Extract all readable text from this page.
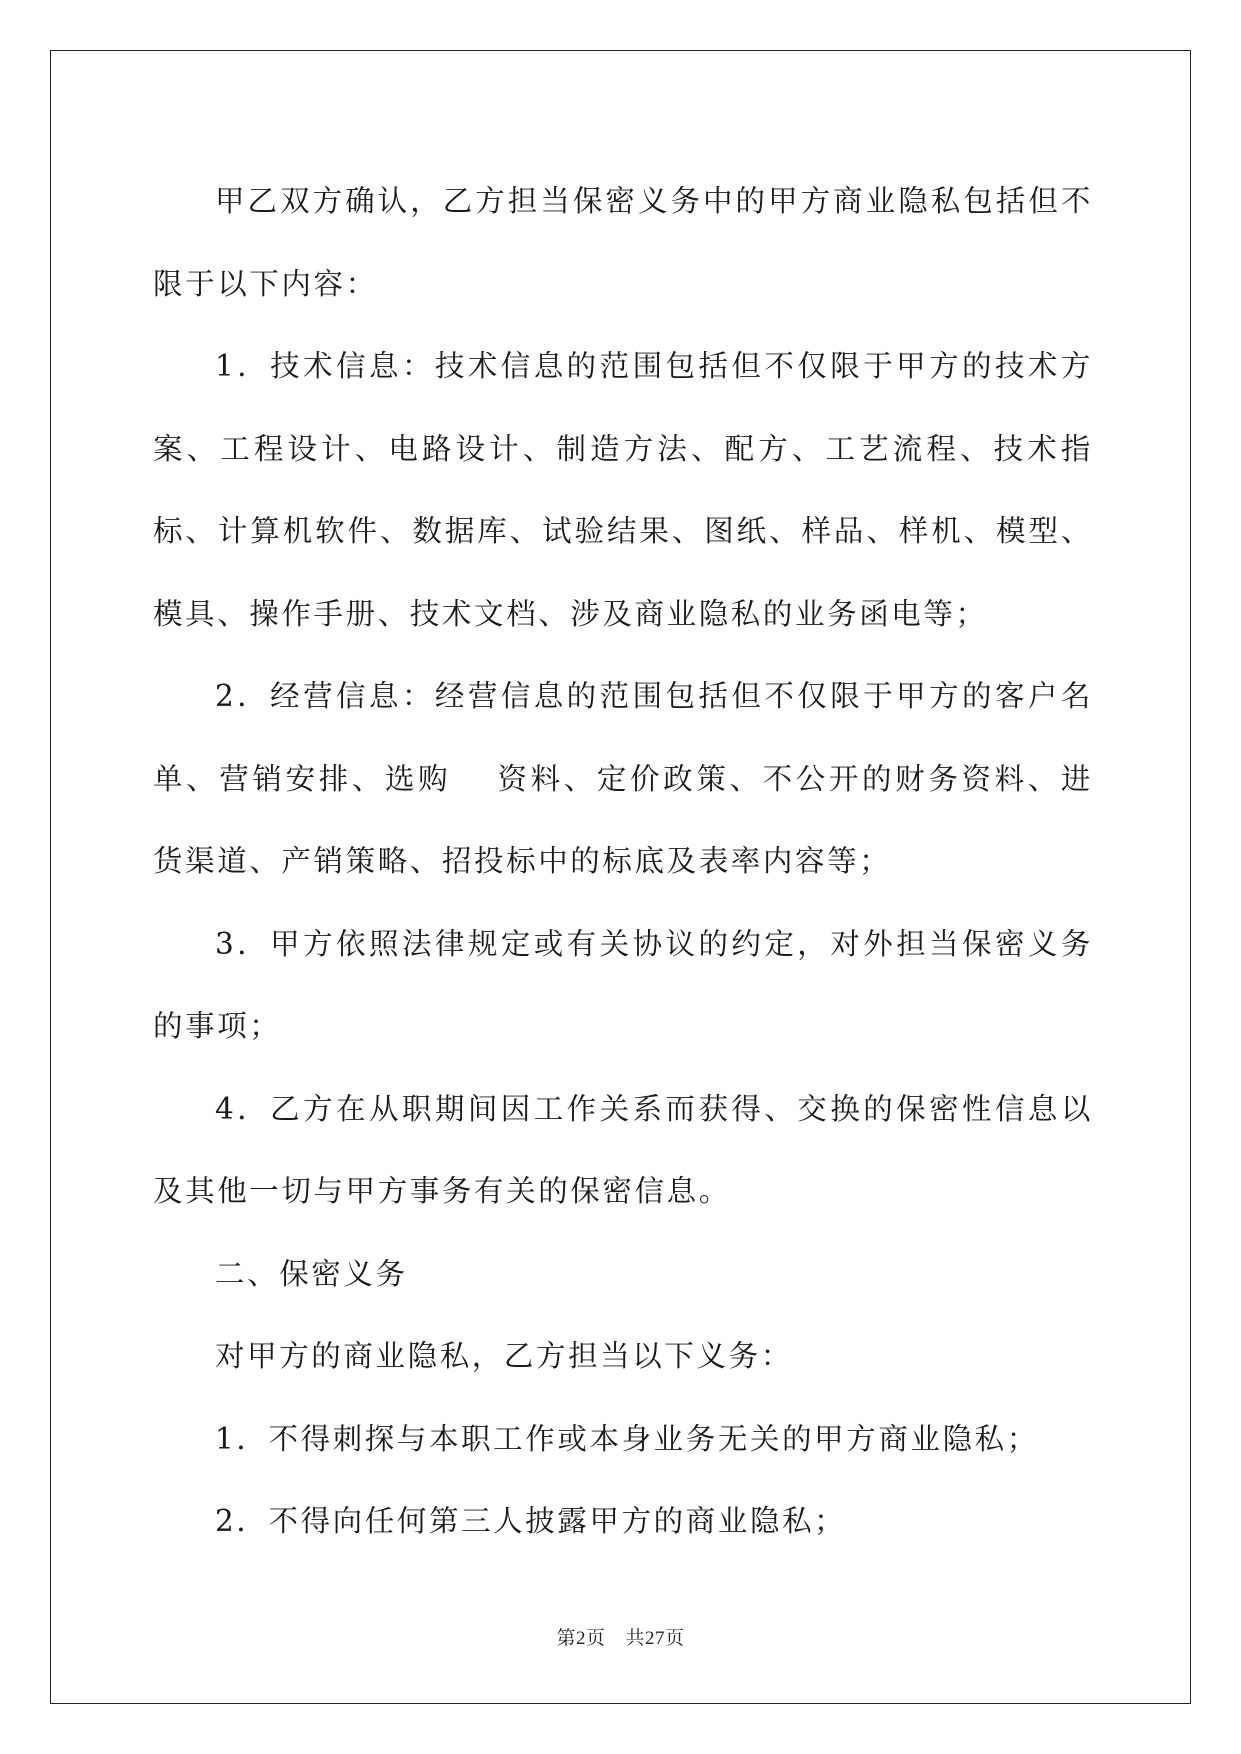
甲乙双方确认，乙方担当保密义务中的甲方商业隐私包括但不限于以下内容：

1．技术信息：技术信息的范围包括但不仅限于甲方的技术方案、工程设计、电路设计、制造方法、配方、工艺流程、技术指标、计算机软件、数据库、试验结果、图纸、样品、样机、模型、模具、操作手册、技术文档、涉及商业隐私的业务函电等；

2．经营信息：经营信息的范围包括但不仅限于甲方的客户名单、营销安排、选购　 资料、定价政策、不公开的财务资料、进货渠道、产销策略、招投标中的标底及表率内容等；

3．甲方依照法律规定或有关协议的约定，对外担当保密义务的事项；

4．乙方在从职期间因工作关系而获得、交换的保密性信息以及其他一切与甲方事务有关的保密信息。

二、保密义务

对甲方的商业隐私，乙方担当以下义务：

1．不得刺探与本职工作或本身业务无关的甲方商业隐私；

2．不得向任何第三人披露甲方的商业隐私；

第2页 共27页
